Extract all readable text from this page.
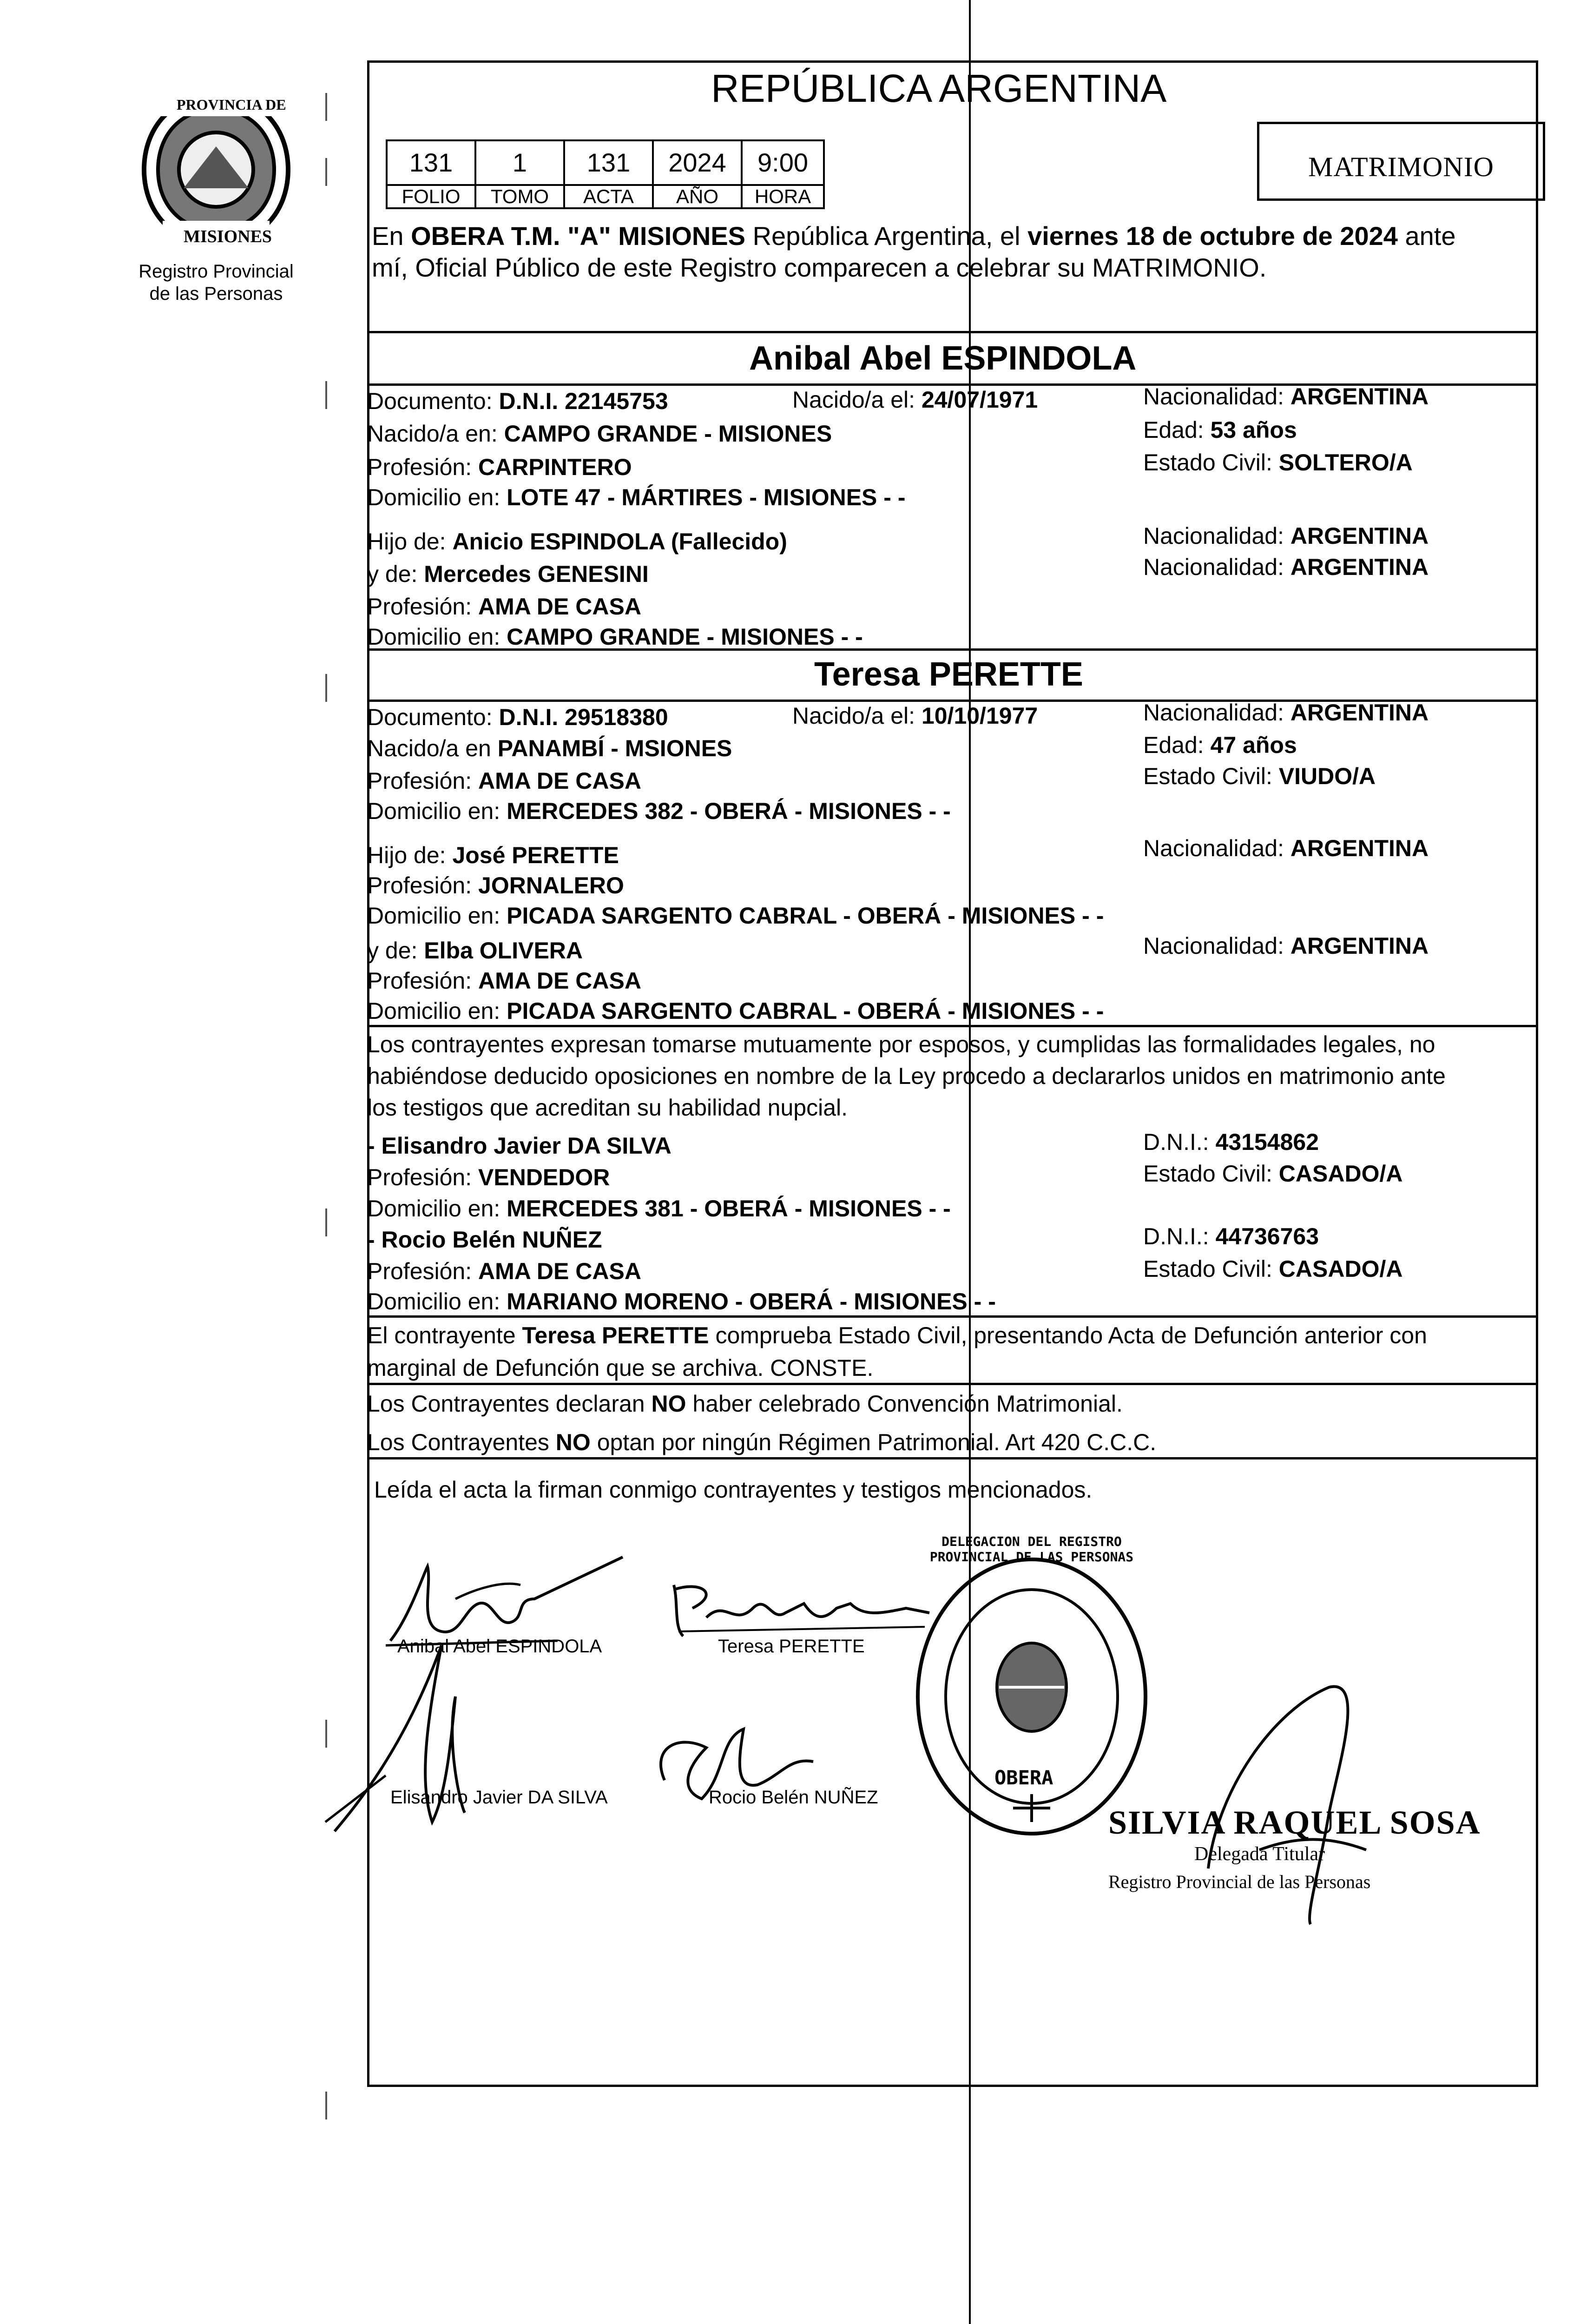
PROVINCIA DE
MISIONES
Registro Provincial
de las Personas
REPÚBLICA ARGENTINA
131	1	131	2024	9:00
FOLIO	TOMO	ACTA	AÑO	HORA
MATRIMONIO
En OBERA T.M. "A" MISIONES República Argentina, el viernes 18 de octubre de 2024 ante
mí, Oficial Público de este Registro comparecen a celebrar su MATRIMONIO.
Anibal Abel ESPINDOLA
Documento: D.N.I. 22145753	Nacido/a el: 24/07/1971	Nacionalidad: ARGENTINA
Nacido/a en: CAMPO GRANDE - MISIONES	Edad: 53 años
Profesión: CARPINTERO	Estado Civil: SOLTERO/A
Domicilio en: LOTE 47 - MÁRTIRES - MISIONES - -
Hijo de: Anicio ESPINDOLA (Fallecido)	Nacionalidad: ARGENTINA
y de: Mercedes GENESINI	Nacionalidad: ARGENTINA
Profesión: AMA DE CASA
Domicilio en: CAMPO GRANDE - MISIONES - -
Teresa PERETTE
Documento: D.N.I. 29518380	Nacido/a el: 10/10/1977	Nacionalidad: ARGENTINA
Nacido/a en PANAMBÍ - MSIONES	Edad: 47 años
Profesión: AMA DE CASA	Estado Civil: VIUDO/A
Domicilio en: MERCEDES 382 - OBERÁ - MISIONES - -
Hijo de: José PERETTE	Nacionalidad: ARGENTINA
Profesión: JORNALERO
Domicilio en: PICADA SARGENTO CABRAL - OBERÁ - MISIONES - -
y de: Elba OLIVERA	Nacionalidad: ARGENTINA
Profesión: AMA DE CASA
Domicilio en: PICADA SARGENTO CABRAL - OBERÁ - MISIONES - -
Los contrayentes expresan tomarse mutuamente por esposos, y cumplidas las formalidades legales, no
habiéndose deducido oposiciones en nombre de la Ley procedo a declararlos unidos en matrimonio ante
los testigos que acreditan su habilidad nupcial.
- Elisandro Javier DA SILVA	D.N.I.: 43154862
Profesión: VENDEDOR	Estado Civil: CASADO/A
Domicilio en: MERCEDES 381 - OBERÁ - MISIONES - -
- Rocio Belén NUÑEZ	D.N.I.: 44736763
Profesión: AMA DE CASA	Estado Civil: CASADO/A
Domicilio en: MARIANO MORENO - OBERÁ - MISIONES - -
El contrayente Teresa PERETTE comprueba Estado Civil, presentando Acta de Defunción anterior con
marginal de Defunción que se archiva. CONSTE.
Los Contrayentes declaran NO haber celebrado Convención Matrimonial.
Los Contrayentes NO optan por ningún Régimen Patrimonial. Art 420 C.C.C.
Leída el acta la firman conmigo contrayentes y testigos mencionados.
Anibal Abel ESPINDOLA	Teresa PERETTE
Elisandro Javier DA SILVA	Rocio Belén NUÑEZ
DELEGACION DEL REGISTRO PROVINCIAL DE LAS PERSONAS
OBERA
SILVIA RAQUEL SOSA
Delegada Titular
Registro Provincial de las Personas
